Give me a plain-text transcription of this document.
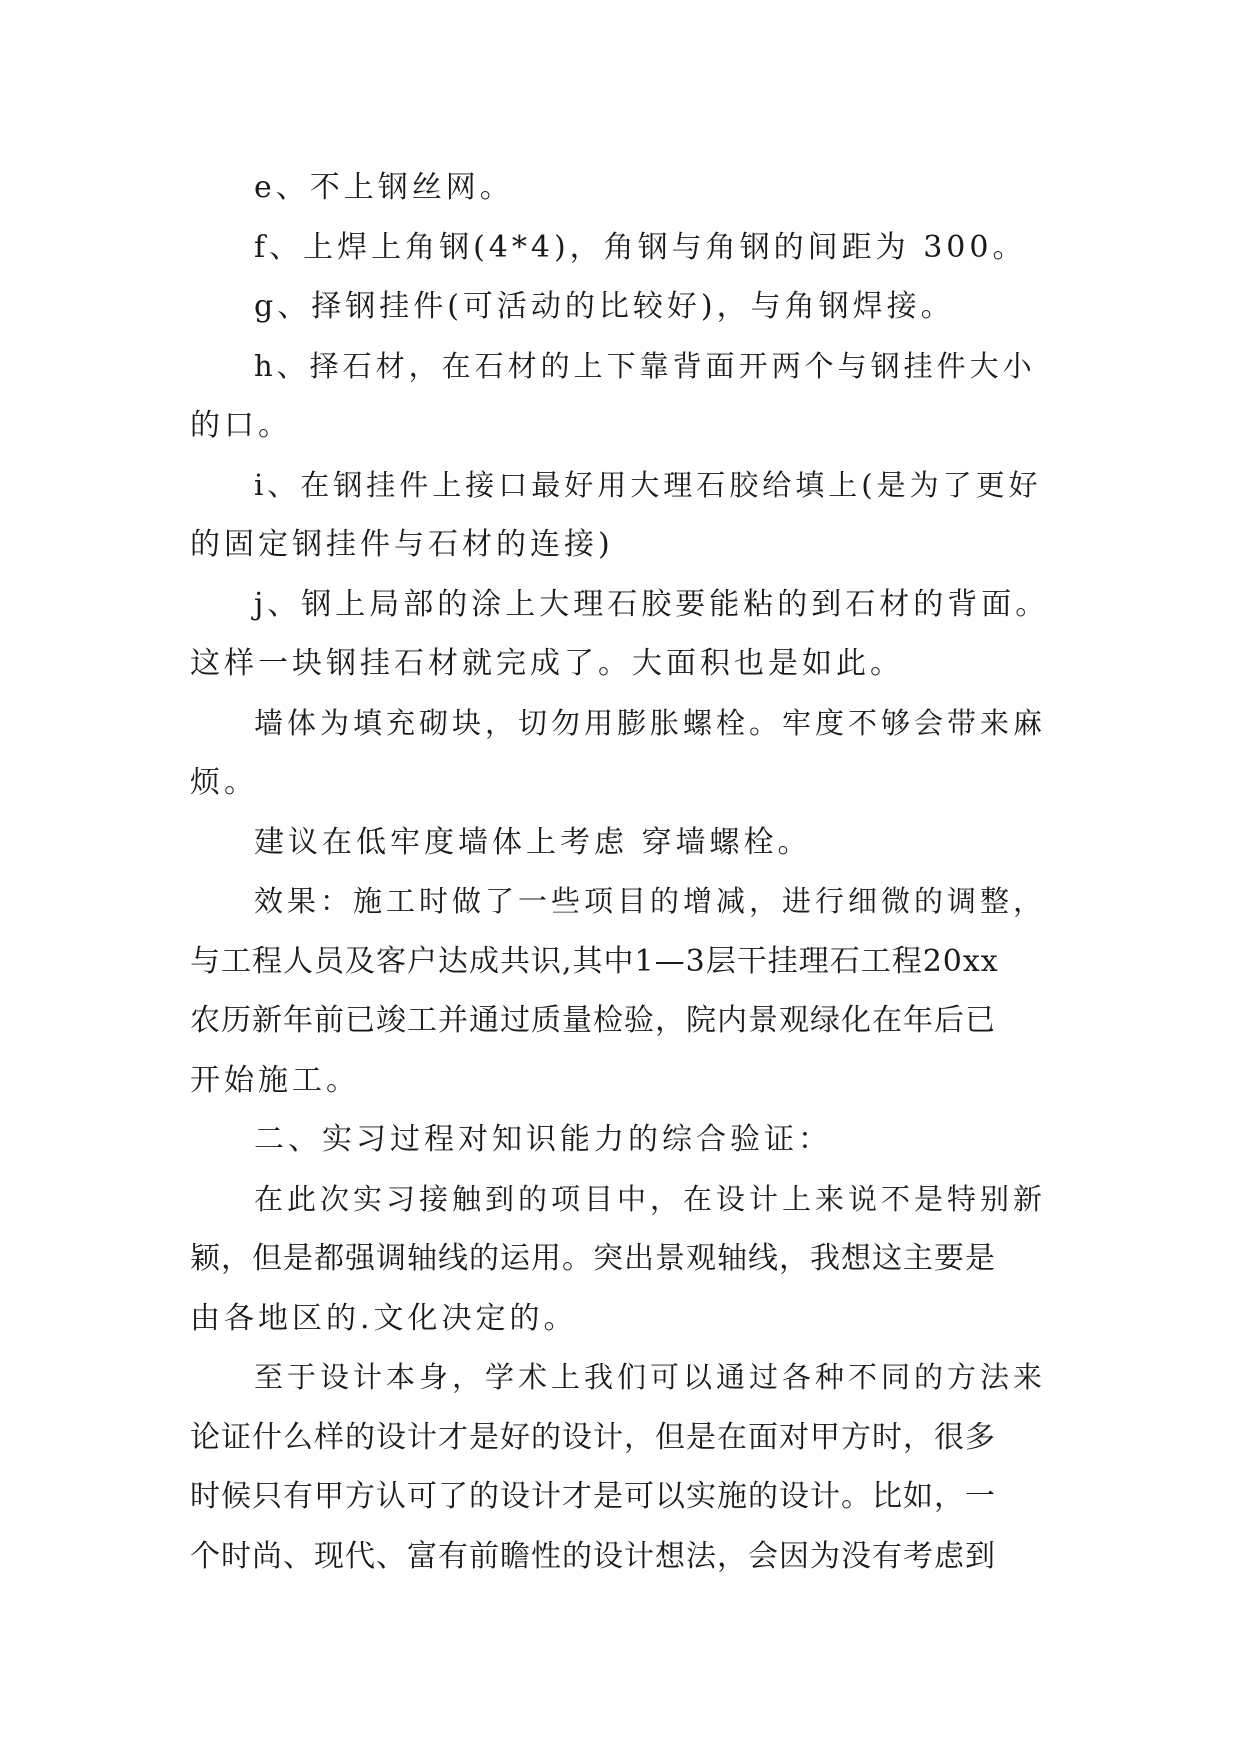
e、不上钢丝网。
f、上焊上角钢(4*4)，角钢与角钢的间距为 300。
g、择钢挂件(可活动的比较好)，与角钢焊接。
h、择石材，在石材的上下靠背面开两个与钢挂件大小
的口。
i、在钢挂件上接口最好用大理石胶给填上(是为了更好
的固定钢挂件与石材的连接)
j、钢上局部的涂上大理石胶要能粘的到石材的背面。
这样一块钢挂石材就完成了。大面积也是如此。
墙体为填充砌块，切勿用膨胀螺栓。牢度不够会带来麻
烦。
建议在低牢度墙体上考虑 穿墙螺栓。
效果：施工时做了一些项目的增减，进行细微的调整，
与工程人员及客户达成共识,其中1—3层干挂理石工程20xx
农历新年前已竣工并通过质量检验，院内景观绿化在年后已
开始施工。
二、实习过程对知识能力的综合验证：
在此次实习接触到的项目中，在设计上来说不是特别新
颖，但是都强调轴线的运用。突出景观轴线，我想这主要是
由各地区的.文化决定的。
至于设计本身，学术上我们可以通过各种不同的方法来
论证什么样的设计才是好的设计，但是在面对甲方时，很多
时候只有甲方认可了的设计才是可以实施的设计。比如，一
个时尚、现代、富有前瞻性的设计想法，会因为没有考虑到
